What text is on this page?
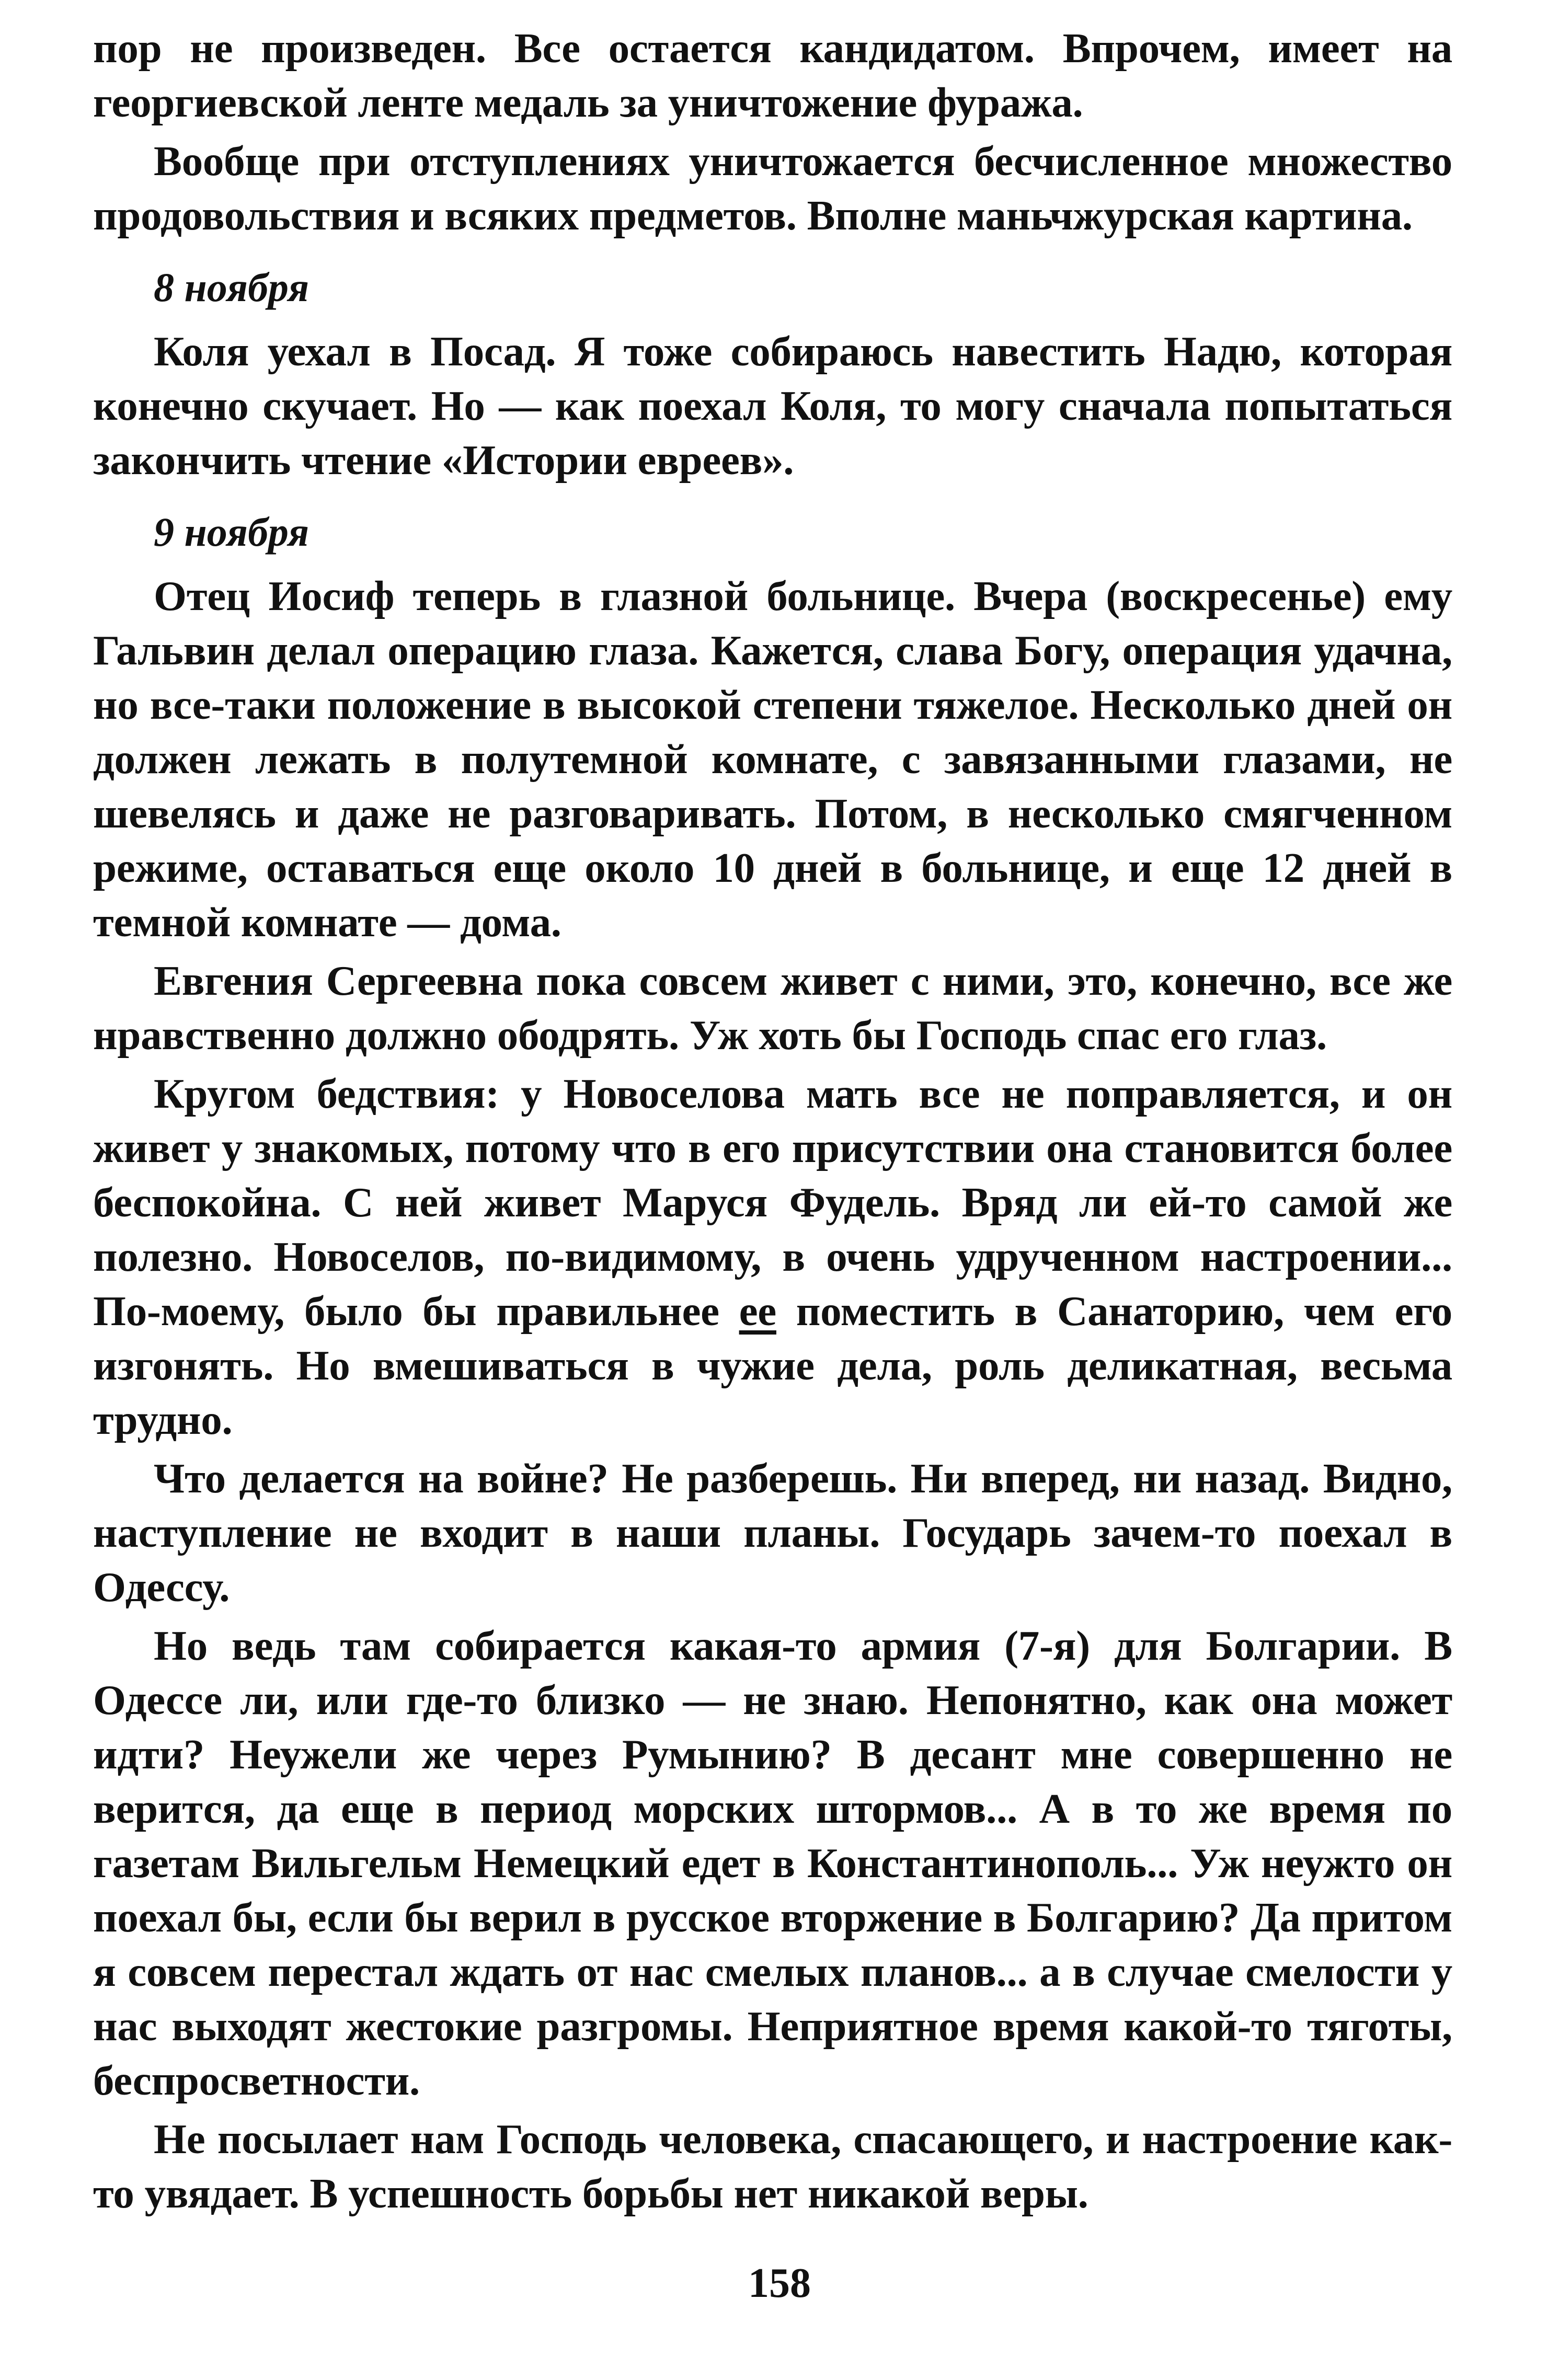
пор не произведен. Все остается кандидатом. Впрочем, имеет на георгиевской ленте медаль за уничтожение фуража.

Вообще при отступлениях уничтожается бесчисленное множество продовольствия и всяких предметов. Вполне маньчжурская картина.

8 ноября

Коля уехал в Посад. Я тоже собираюсь навестить Надю, которая конечно скучает. Но — как поехал Коля, то могу сначала попытаться закончить чтение «Истории евреев».

9 ноября

Отец Иосиф теперь в глазной больнице. Вчера (воскресенье) ему Гальвин делал операцию глаза. Кажется, слава Богу, операция удачна, но все-таки положение в высокой степени тяжелое. Несколько дней он должен лежать в полутемной комнате, с завязанными глазами, не шевелясь и даже не разговаривать. Потом, в несколько смягченном режиме, оставаться еще около 10 дней в больнице, и еще 12 дней в темной комнате — дома.

Евгения Сергеевна пока совсем живет с ними, это, конечно, все же нравственно должно ободрять. Уж хоть бы Господь спас его глаз.

Кругом бедствия: у Новоселова мать все не поправляется, и он живет у знакомых, потому что в его присутствии она становится более беспокойна. С ней живет Маруся Фудель. Вряд ли ей-то самой же полезно. Новоселов, по-видимому, в очень удрученном настроении... По-моему, было бы правильнее ее поместить в Санаторию, чем его изгонять. Но вмешиваться в чужие дела, роль деликатная, весьма трудно.

Что делается на войне? Не разберешь. Ни вперед, ни назад. Видно, наступление не входит в наши планы. Государь зачем-то поехал в Одессу.

Но ведь там собирается какая-то армия (7-я) для Болгарии. В Одессе ли, или где-то близко — не знаю. Непонятно, как она может идти? Неужели же через Румынию? В десант мне совершенно не верится, да еще в период морских штормов... А в то же время по газетам Вильгельм Немецкий едет в Константинополь... Уж неужто он поехал бы, если бы верил в русское вторжение в Болгарию? Да притом я совсем перестал ждать от нас смелых планов... а в случае смелости у нас выходят жестокие разгромы. Неприятное время какой-то тяготы, беспросветности.

Не посылает нам Господь человека, спасающего, и настроение как-то увядает. В успешность борьбы нет никакой веры.

158
